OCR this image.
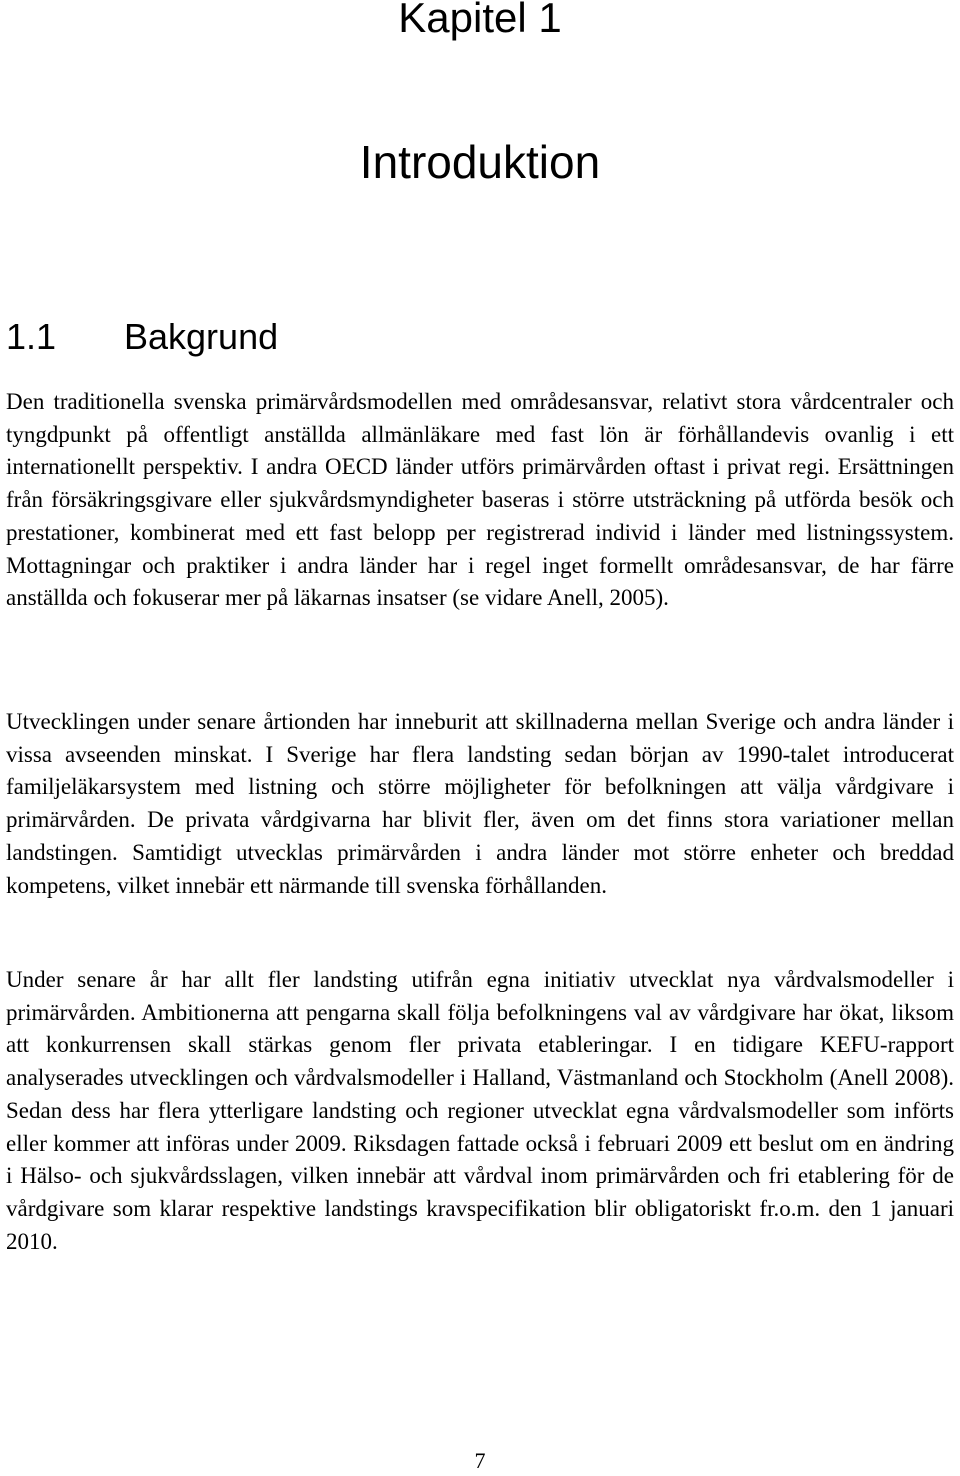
Kapitel 1
Introduktion
1.1 Bakgrund

Den traditionella svenska primärvårdsmodellen med områdesansvar, relativt stora vårdcentraler och tyngdpunkt på offentligt anställda allmänläkare med fast lön är förhållandevis ovanlig i ett internationellt perspektiv. I andra OECD länder utförs primärvården oftast i privat regi. Ersättningen från försäkringsgivare eller sjukvårdsmyndigheter baseras i större utsträckning på utförda besök och prestationer, kombinerat med ett fast belopp per registrerad individ i länder med listningssystem. Mottagningar och praktiker i andra länder har i regel inget formellt områdesansvar, de har färre anställda och fokuserar mer på läkarnas insatser (se vidare Anell, 2005).

Utvecklingen under senare årtionden har inneburit att skillnaderna mellan Sverige och andra länder i vissa avseenden minskat. I Sverige har flera landsting sedan början av 1990-talet introducerat familjeläkarsystem med listning och större möjligheter för befolkningen att välja vårdgivare i primärvården. De privata vårdgivarna har blivit fler, även om det finns stora variationer mellan landstingen. Samtidigt utvecklas primärvården i andra länder mot större enheter och breddad kompetens, vilket innebär ett närmande till svenska förhållanden.

Under senare år har allt fler landsting utifrån egna initiativ utvecklat nya vårdvalsmodeller i primärvården. Ambitionerna att pengarna skall följa befolkningens val av vårdgivare har ökat, liksom att konkurrensen skall stärkas genom fler privata etableringar. I en tidigare KEFU-rapport analyserades utvecklingen och vårdvalsmodeller i Halland, Västmanland och Stockholm (Anell 2008). Sedan dess har flera ytterligare landsting och regioner utvecklat egna vårdvalsmodeller som införts eller kommer att införas under 2009. Riksdagen fattade också i februari 2009 ett beslut om en ändring i Hälso- och sjukvårdsslagen, vilken innebär att vårdval inom primärvården och fri etablering för de vårdgivare som klarar respektive landstings kravspecifikation blir obligatoriskt fr.o.m. den 1 januari 2010.

7
